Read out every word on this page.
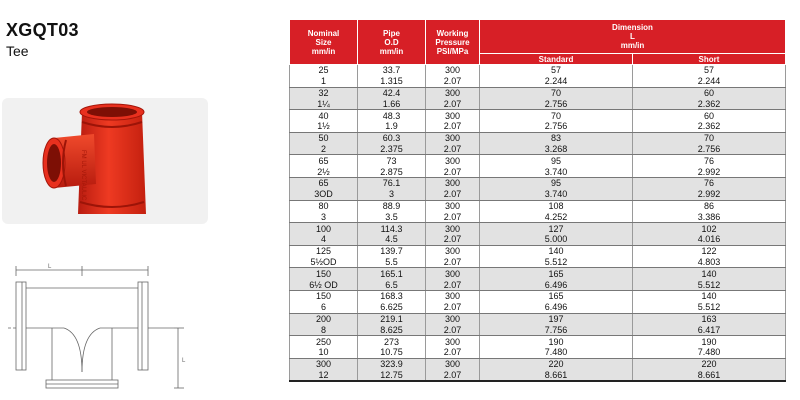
XGQT03
Tee
FM UL VICTAULIC
L
L
Nominal
Size
mm/in	Pipe
O.D
mm/in	Working
Pressure
PSI/MPa	Dimension
L
mm/in	
			Standard	Short
25	33.7	300	57	57
1	1.315	2.07	2.244	2.244
32	42.4	300	70	60
1¼	1.66	2.07	2.756	2.362
40	48.3	300	70	60
1½	1.9	2.07	2.756	2.362
50	60.3	300	83	70
2	2.375	2.07	3.268	2.756
65	73	300	95	76
2½	2.875	2.07	3.740	2.992
65	76.1	300	95	76
3OD	3	2.07	3.740	2.992
80	88.9	300	108	86
3	3.5	2.07	4.252	3.386
100	114.3	300	127	102
4	4.5	2.07	5.000	4.016
125	139.7	300	140	122
5½OD	5.5	2.07	5.512	4.803
150	165.1	300	165	140
6½ OD	6.5	2.07	6.496	5.512
150	168.3	300	165	140
6	6.625	2.07	6.496	5.512
200	219.1	300	197	163
8	8.625	2.07	7.756	6.417
250	273	300	190	190
10	10.75	2.07	7.480	7.480
300	323.9	300	220	220
12	12.75	2.07	8.661	8.661
